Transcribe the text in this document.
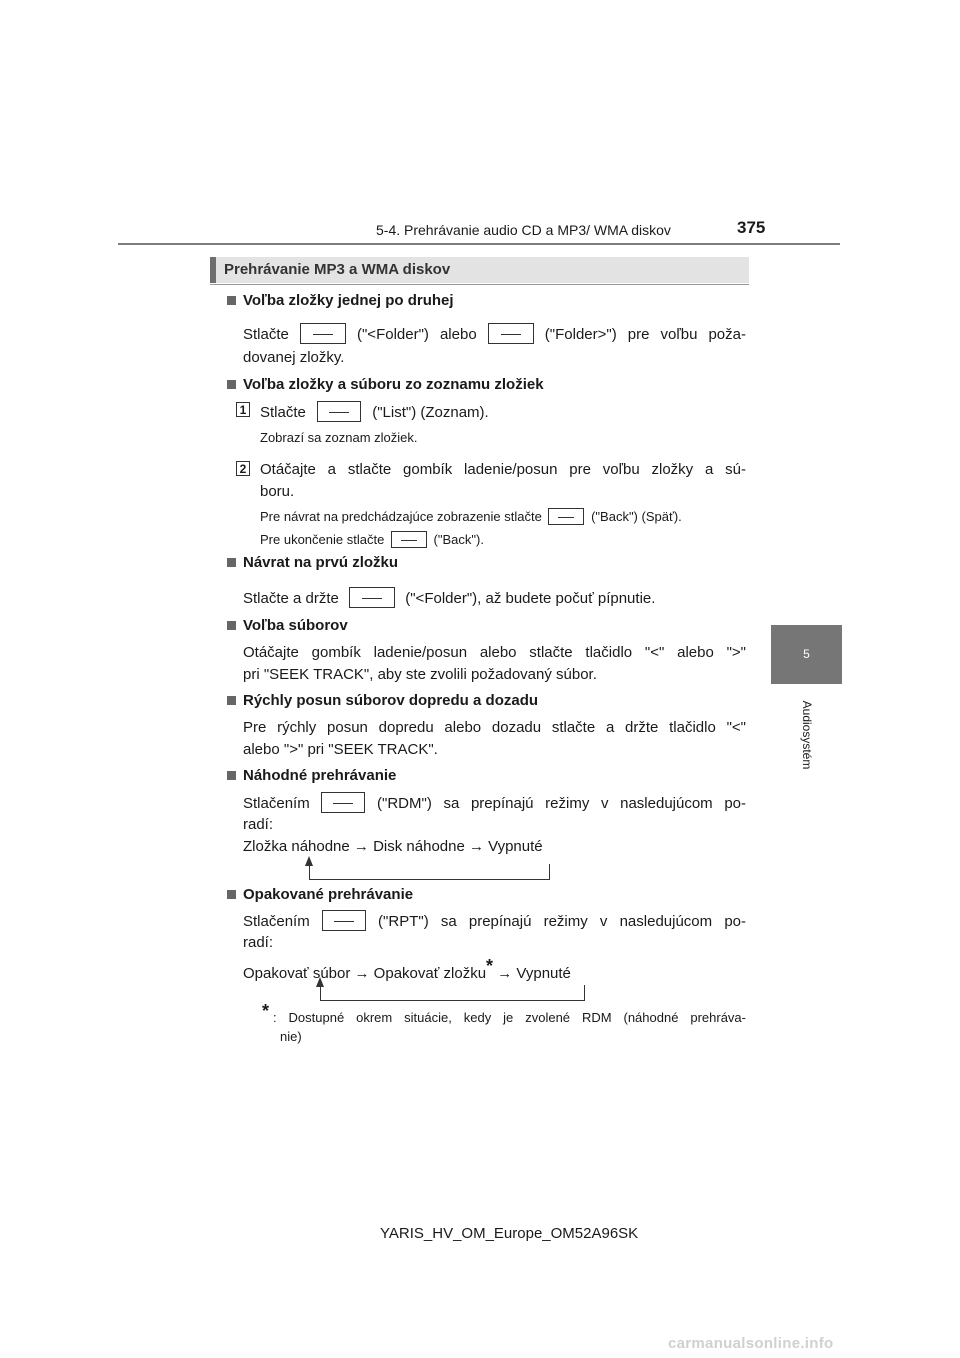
5-4. Prehrávanie audio CD a MP3/ WMA diskov	375
5
Audiosystém
Prehrávanie MP3 a WMA diskov
Voľba zložky jednej po druhej
Stlačte	("<Folder") alebo	("Folder>") pre voľbu poža-
dovanej zložky.
Voľba zložky a súboru zo zoznamu zložiek
1 Stlačte	("List") (Zoznam).
Zobrazí sa zoznam zložiek.
2 Otáčajte a stlačte gombík ladenie/posun pre voľbu zložky a sú-
boru.
Pre návrat na predchádzajúce zobrazenie stlačte	("Back") (Späť).
Pre ukončenie stlačte	("Back").
Návrat na prvú zložku
Stlačte a držte	("<Folder"), až budete počuť pípnutie.
Voľba súborov
Otáčajte gombík ladenie/posun alebo stlačte tlačidlo "<" alebo ">"
pri "SEEK TRACK", aby ste zvolili požadovaný súbor.
Rýchly posun súborov dopredu a dozadu
Pre rýchly posun dopredu alebo dozadu stlačte a držte tlačidlo "<"
alebo ">" pri "SEEK TRACK".
Náhodné prehrávanie
Stlačením	("RDM") sa prepínajú režimy v nasledujúcom po-
radí:
Zložka náhodne → Disk náhodne → Vypnuté
Opakované prehrávanie
Stlačením	("RPT") sa prepínajú režimy v nasledujúcom po-
radí:
Opakovať súbor → Opakovať zložku* → Vypnuté
* : Dostupné okrem situácie, kedy je zvolené RDM (náhodné prehráva-
nie)
YARIS_HV_OM_Europe_OM52A96SK
carmanualsonline.info
